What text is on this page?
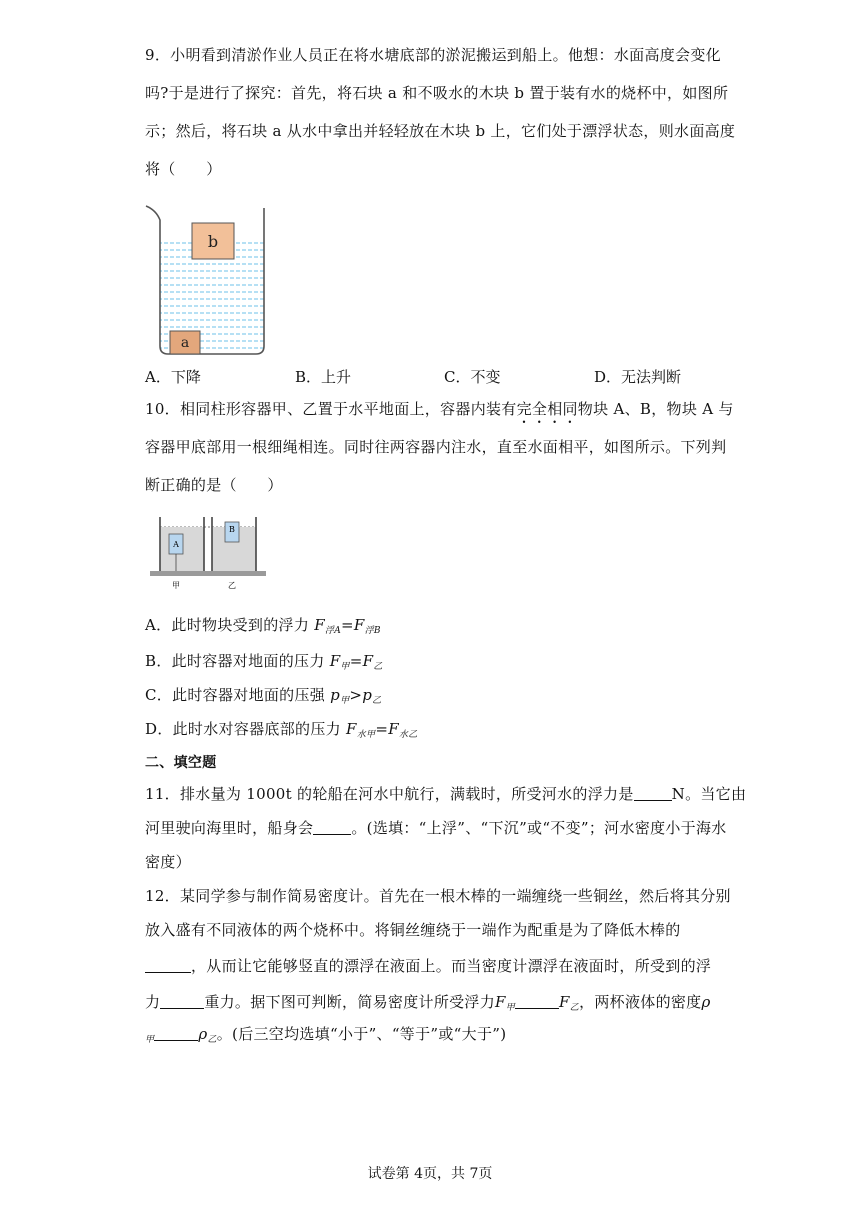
9．小明看到清淤作业人员正在将水塘底部的淤泥搬运到船上。他想：水面高度会变化
吗?于是进行了探究：首先，将石块 a 和不吸水的木块 b 置于装有水的烧杯中，如图所
示；然后，将石块 a 从水中拿出并轻轻放在木块 b 上，它们处于漂浮状态，则水面高度
将（　　）
b
a
A．下降	B．上升	C．不变	D．无法判断
10．相同柱形容器甲、乙置于水平地面上，容器内装有完全相同物块 A、B，物块 A 与
容器甲底部用一根细绳相连。同时往两容器内注水，直至水面相平，如图所示。下列判
断正确的是（　　）
A
B
甲	乙
A．此时物块受到的浮力 $F_{浮A}=F_{浮B}$
B．此时容器对地面的压力 $F_甲=F_乙$
C．此时容器对地面的压强 $p_甲>p_乙$
D．此时水对容器底部的压力 $F_{水甲}=F_{水乙}$
二、填空题
11．排水量为 1000t 的轮船在河水中航行，满载时，所受河水的浮力是	N。当它由
河里驶向海里时，船身会	。(选填：“上浮”、“下沉”或“不变”；河水密度小于海水
密度）
12．某同学参与制作简易密度计。首先在一根木棒的一端缠绕一些铜丝，然后将其分别
放入盛有不同液体的两个烧杯中。将铜丝缠绕于一端作为配重是为了降低木棒的
，从而让它能够竖直的漂浮在液面上。而当密度计漂浮在液面时，所受到的浮
力	重力。据下图可判断，简易密度计所受浮力$F_甲$	$F_乙$，两杯液体的密度ρ
$_甲$	$\rho_乙$。(后三空均选填“小于”、“等于”或“大于”)
试卷第 4页，共 7页
